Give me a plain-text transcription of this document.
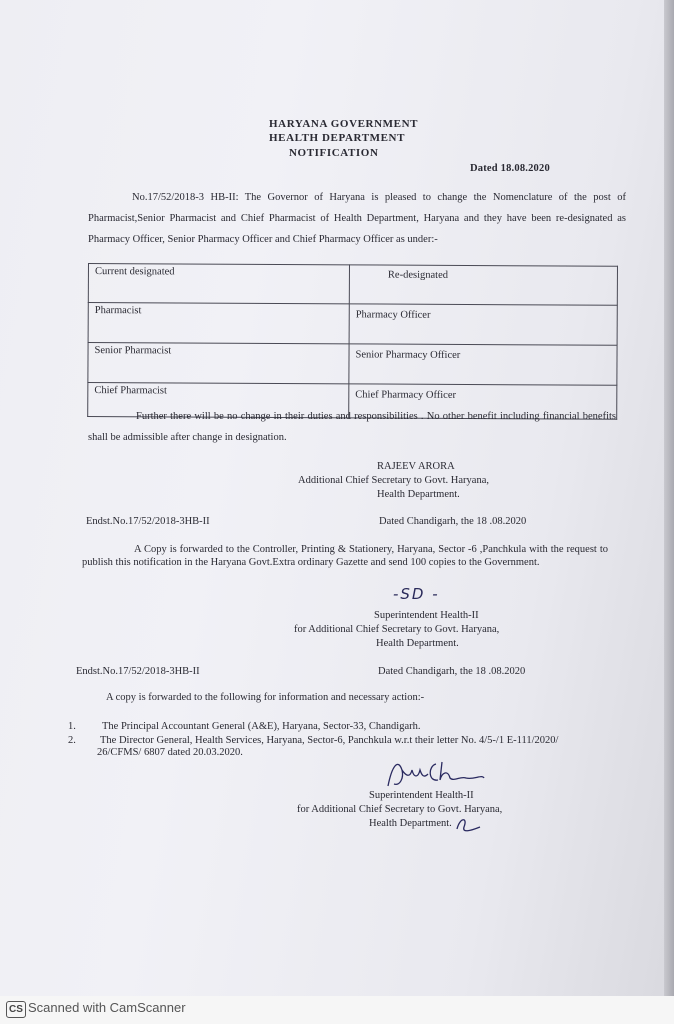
HARYANA GOVERNMENT
HEALTH DEPARTMENT
NOTIFICATION
Dated 18.08.2020
No.17/52/2018-3 HB-II: The Governor of Haryana is pleased to change the Nomenclature of the post of Pharmacist,Senior Pharmacist and Chief Pharmacist of Health Department, Haryana and they have been re-designated as Pharmacy Officer, Senior Pharmacy Officer and Chief Pharmacy Officer as under:-
Current designated	Re-designated
Pharmacist	Pharmacy Officer
Senior Pharmacist	Senior Pharmacy Officer
Chief Pharmacist	Chief Pharmacy Officer
Further there will be no change in their duties and responsibilities . No other benefit including financial benefits shall be admissible after change in designation.
RAJEEV ARORA
Additional Chief Secretary to Govt. Haryana,
Health Department.
Endst.No.17/52/2018-3HB-II	Dated Chandigarh, the 18 .08.2020
A Copy is forwarded to the Controller, Printing & Stationery, Haryana, Sector -6 ,Panchkula with the request to publish this notification in the Haryana Govt.Extra ordinary Gazette and send 100 copies to the Government.
-SD -
Superintendent Health-II
for Additional Chief Secretary to Govt. Haryana,
Health Department.
Endst.No.17/52/2018-3HB-II	Dated Chandigarh, the 18 .08.2020
A copy is forwarded to the following for information and necessary action:-
1. The Principal Accountant General (A&E), Haryana, Sector-33, Chandigarh.
2. The Director General, Health Services, Haryana, Sector-6, Panchkula w.r.t their letter No. 4/5-/1 E-111/2020/
26/CFMS/ 6807 dated 20.03.2020.
Superintendent Health-II
for Additional Chief Secretary to Govt. Haryana,
Health Department.
CS Scanned with CamScanner
